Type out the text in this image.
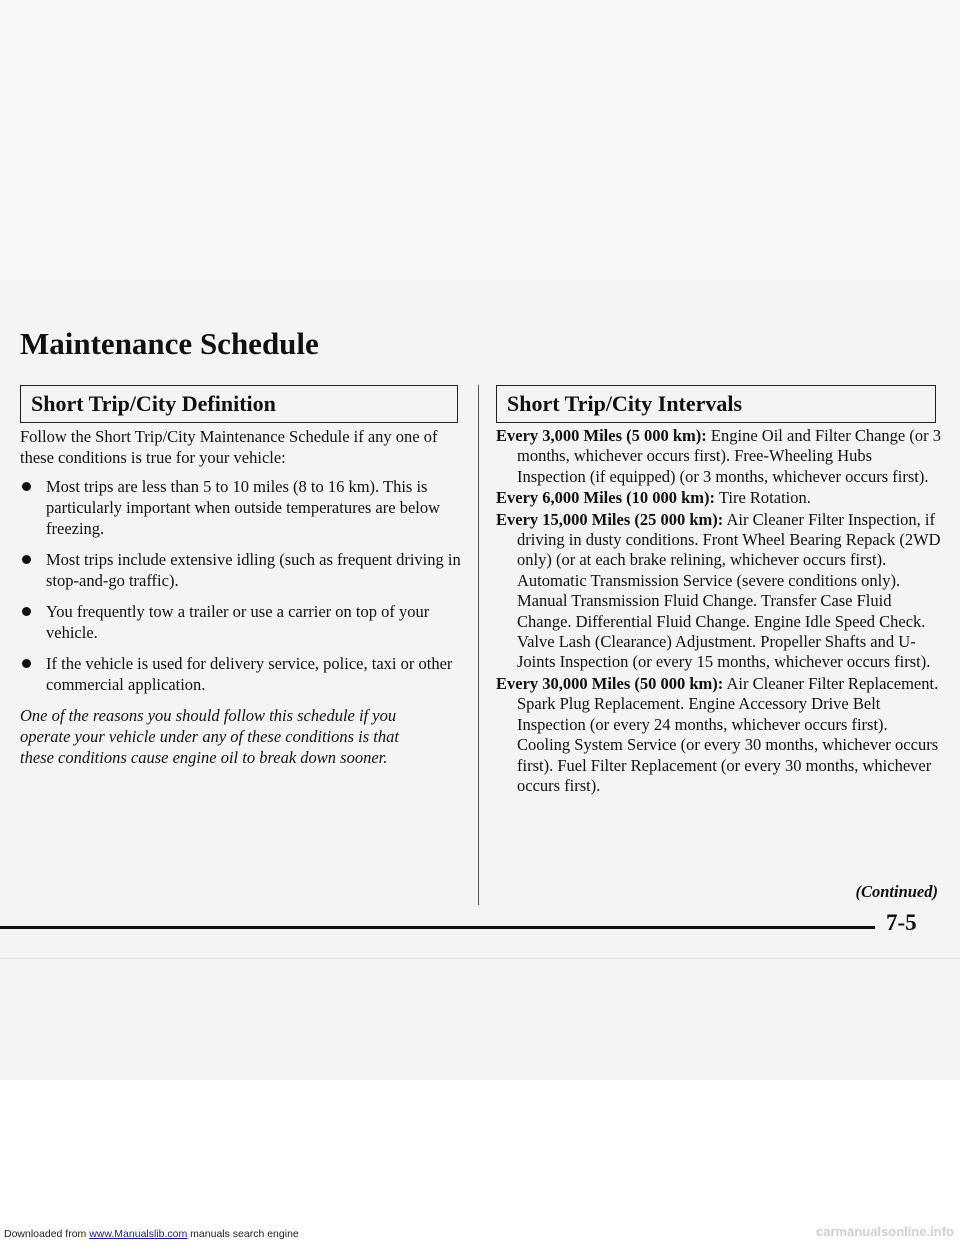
Maintenance Schedule
Short Trip/City Definition	Short Trip/City Intervals

Follow the Short Trip/City Maintenance Schedule if any one of these conditions is true for your vehicle:

Most trips are less than 5 to 10 miles (8 to 16 km). This is particularly important when outside temperatures are below freezing.
Most trips include extensive idling (such as frequent driving in stop-and-go traffic).
You frequently tow a trailer or use a carrier on top of your vehicle.
If the vehicle is used for delivery service, police, taxi or other commercial application.

One of the reasons you should follow this schedule if you operate your vehicle under any of these conditions is that these conditions cause engine oil to break down sooner.

Every 3,000 Miles (5 000 km): Engine Oil and Filter Change (or 3 months, whichever occurs first). Free-Wheeling Hubs Inspection (if equipped) (or 3 months, whichever occurs first).

Every 6,000 Miles (10 000 km): Tire Rotation.

Every 15,000 Miles (25 000 km): Air Cleaner Filter Inspection, if driving in dusty conditions. Front Wheel Bearing Repack (2WD only) (or at each brake relining, whichever occurs first). Automatic Transmission Service (severe conditions only). Manual Transmission Fluid Change. Transfer Case Fluid Change. Differential Fluid Change. Engine Idle Speed Check. Valve Lash (Clearance) Adjustment. Propeller Shafts and U-Joints Inspection (or every 15 months, whichever occurs first).

Every 30,000 Miles (50 000 km): Air Cleaner Filter Replacement. Spark Plug Replacement. Engine Accessory Drive Belt Inspection (or every 24 months, whichever occurs first). Cooling System Service (or every 30 months, whichever occurs first). Fuel Filter Replacement (or every 30 months, whichever occurs first).

(Continued)
7-5
Downloaded from www.Manualslib.com manuals search engine	carmanualsonline.info
